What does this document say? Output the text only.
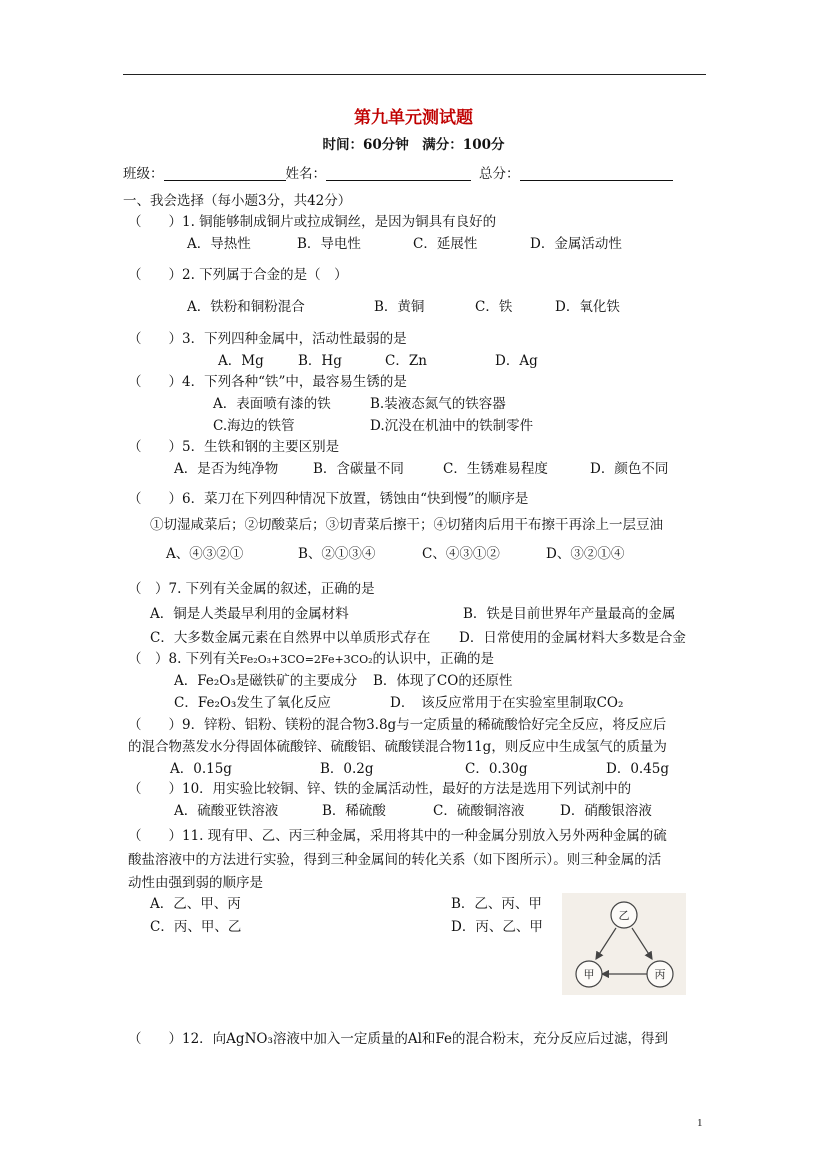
第九单元测试题
时间：60分钟　满分：100分
班级：	姓名：	总分：
一、我会选择（每小题3分，共42分）
（　　）1. 铜能够制成铜片或拉成铜丝，是因为铜具有良好的
A．导热性	B．导电性	C．延展性	D．金属活动性
（　　）2. 下列属于合金的是（　）
A．铁粉和铜粉混合	B．黄铜	C．铁	D．氧化铁
（　　）3．下列四种金属中，活动性最弱的是
A．Mg	B．Hg	C．Zn	D．Ag
（　　）4．下列各种“铁”中，最容易生锈的是
A．表面喷有漆的铁	B.装液态氮气的铁容器
C.海边的铁管	D.沉没在机油中的铁制零件
（　　）5．生铁和钢的主要区别是
A．是否为纯净物	B．含碳量不同	C．生锈难易程度	D．颜色不同
（　　）6．菜刀在下列四种情况下放置，锈蚀由“快到慢”的顺序是
①切湿咸菜后；②切酸菜后；③切青菜后擦干；④切猪肉后用干布擦干再涂上一层豆油
A、④③②①	B、②①③④	C、④③①②	D、③②①④
（　）7. 下列有关金属的叙述，正确的是
A．铜是人类最早利用的金属材料	B．铁是目前世界年产量最高的金属
C．大多数金属元素在自然界中以单质形式存在 D．日常使用的金属材料大多数是合金
（　）8. 下列有关Fe₂O₃+3CO=2Fe+3CO₂的认识中，正确的是
A．Fe₂O₃是磁铁矿的主要成分 B．体现了CO的还原性
C．Fe₂O₃发生了氧化反应	D．　该反应常用于在实验室里制取CO₂
（　　）9．锌粉、铝粉、镁粉的混合物3.8g与一定质量的稀硫酸恰好完全反应，将反应后
的混合物蒸发水分得固体硫酸锌、硫酸铝、硫酸镁混合物11g，则反应中生成氢气的质量为
A．0.15g	B．0.2g	C．0.30g	D．0.45g
（　　）10．用实验比较铜、锌、铁的金属活动性，最好的方法是选用下列试剂中的
A．硫酸亚铁溶液	B．稀硫酸	C．硫酸铜溶液	D．硝酸银溶液
（　　）11. 现有甲、乙、丙三种金属，采用将其中的一种金属分别放入另外两种金属的硫
酸盐溶液中的方法进行实验，得到三种金属间的转化关系（如下图所示）。则三种金属的活
动性由强到弱的顺序是
A．乙、甲、丙	B．乙、丙、甲
C．丙、甲、乙	D．丙、乙、甲
乙
甲	丙
（　　）12．向AgNO₃溶液中加入一定质量的Al和Fe的混合粉末，充分反应后过滤，得到
1
